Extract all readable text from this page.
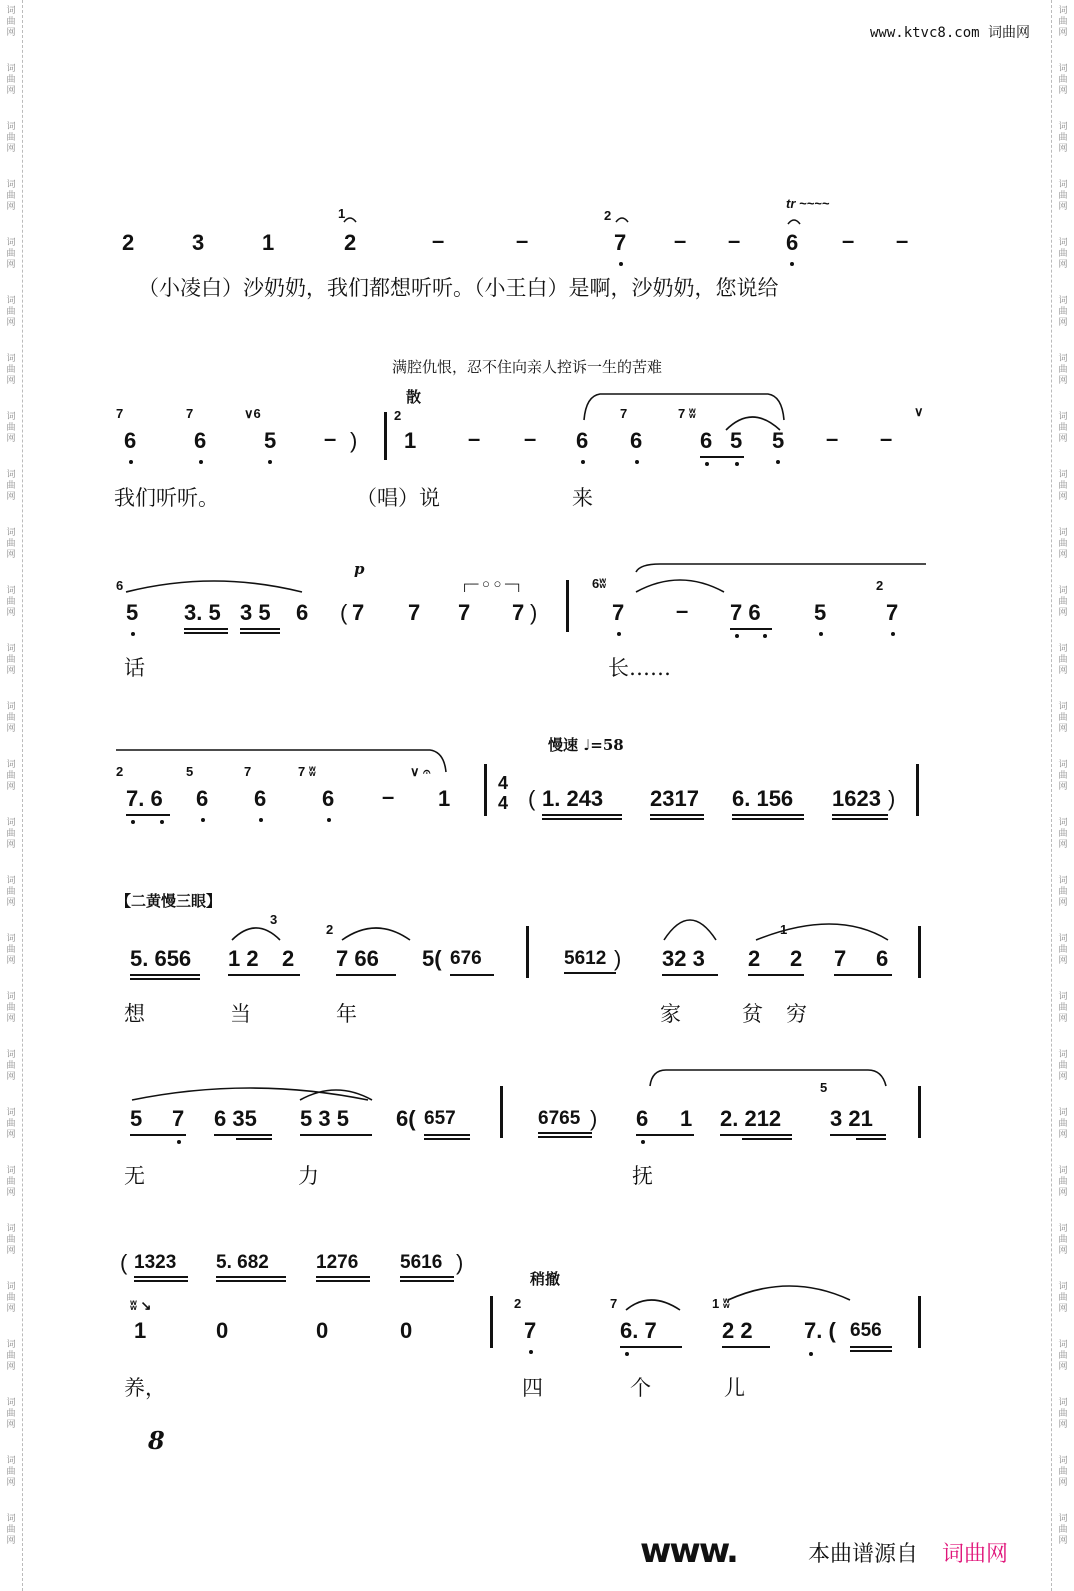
词
曲
网
词
曲
网
词
曲
网
词
曲
网
词
曲
网
词
曲
网
词
曲
网
词
曲
网
词
曲
网
词
曲
网
词
曲
网
词
曲
网
词
曲
网
词
曲
网
词
曲
网
词
曲
网
词
曲
网
词
曲
网
词
曲
网
词
曲
网
词
曲
网
词
曲
网
词
曲
网
词
曲
网
词
曲
网
词
曲
网
词
曲
网
词
曲
网
词
曲
网
词
曲
网
词
曲
网
词
曲
网
词
曲
网
词
曲
网
词
曲
网
词
曲
网
词
曲
网
词
曲
网
词
曲
网
词
曲
网
词
曲
网
词
曲
网
词
曲
网
词
曲
网
词
曲
网
词
曲
网
词
曲
网
词
曲
网
词
曲
网
词
曲
网
词
曲
网
词
曲
网
词
曲
网
词
曲
网
www.ktvc8.com 词曲网
2	3	1
1
2	–	–
2
7 – –
tr ~~~~
6 – –
（小凌白）沙奶奶，我们都想听听。（小王白）是啊，沙奶奶，您说给
满腔仇恨，忍不住向亲人控诉一生的苦难
散
7
6
7
6
∨6
5 – )
2
1 – – 6
7
6
7 ʬ
6 5 5 – –
∨
我们听听。	（唱）说	来
6
5 3. 5 3 5 6
p
( 7 7 7
┌─ ○ ○ ─┐
7 )
6ʬ
7 – 7 6 5
2
7
话	长……
慢速 ♩=58
2
7. 6
5
6
7
6
7 ʬ
6 –
∨ 𝄐
1
4
4 ( 1. 243 2317 6. 156 1623 )
【二黄慢三眼】
5. 656 1 2
3
2
2
7 66 5( 676	5612 ) 32 3 2
1
2 7 6
想	当	年	家	贫 穷
5 7 6 35 5 3 5 6( 657	6765 ) 6 1 2. 212
5
3 21
无	力	抚
( 1323 5. 682 1276 5616 )
ʬ ↘
1	0	0	0
2
7
7
6. 7
1 ʬ
2 2 7. ( 656
稍撤
养，	四	个	儿
8
www.	本曲谱源自 词曲网
